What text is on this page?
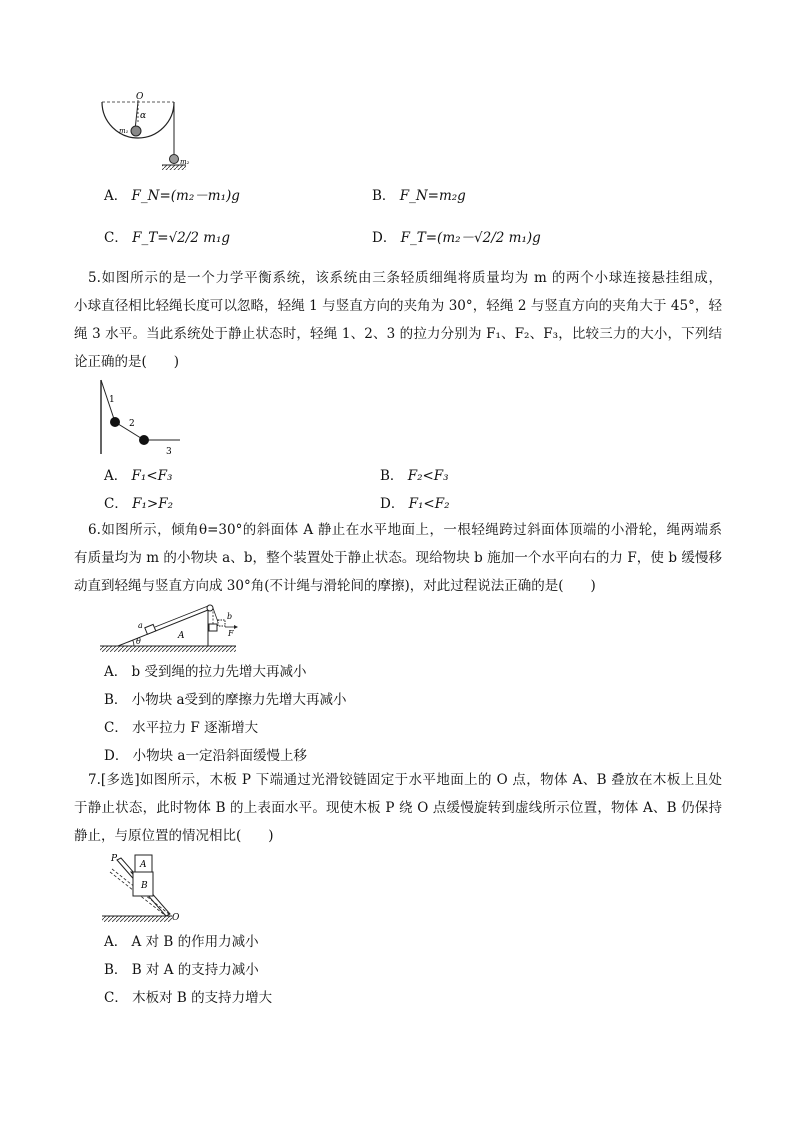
O
α
m₁
m₂
A． F_N=(m₂－m₁)g	B． F_N=m₂g
C． F_T=√2/2 m₁g	D． F_T=(m₂－√2/2 m₁)g
5.如图所示的是一个力学平衡系统，该系统由三条轻质细绳将质量均为 m 的两个小球连接悬挂组成，
小球直径相比轻绳长度可以忽略，轻绳 1 与竖直方向的夹角为 30°，轻绳 2 与竖直方向的夹角大于 45°，轻
绳 3 水平。当此系统处于静止状态时，轻绳 1、2、3 的拉力分别为 F₁、F₂、F₃，比较三力的大小，下列结
论正确的是(　　)
1
2
3
A． F₁<F₃	B． F₂<F₃
C． F₁>F₂	D． F₁<F₂
6.如图所示，倾角θ=30°的斜面体 A 静止在水平地面上，一根轻绳跨过斜面体顶端的小滑轮，绳两端系
有质量均为 m 的小物块 a、b，整个装置处于静止状态。现给物块 b 施加一个水平向右的力 F，使 b 缓慢移
动直到轻绳与竖直方向成 30°角(不计绳与滑轮间的摩擦)，对此过程说法正确的是(　　)
θ
A
a
b
F
A． b 受到绳的拉力先增大再减小
B． 小物块 a受到的摩擦力先增大再减小
C． 水平拉力 F 逐渐增大
D． 小物块 a一定沿斜面缓慢上移
7.[多选]如图所示，木板 P 下端通过光滑铰链固定于水平地面上的 O 点，物体 A、B 叠放在木板上且处
于静止状态，此时物体 B 的上表面水平。现使木板 P 绕 O 点缓慢旋转到虚线所示位置，物体 A、B 仍保持
静止，与原位置的情况相比(　　)
P
A
B
O
A． A 对 B 的作用力减小
B． B 对 A 的支持力减小
C． 木板对 B 的支持力增大
